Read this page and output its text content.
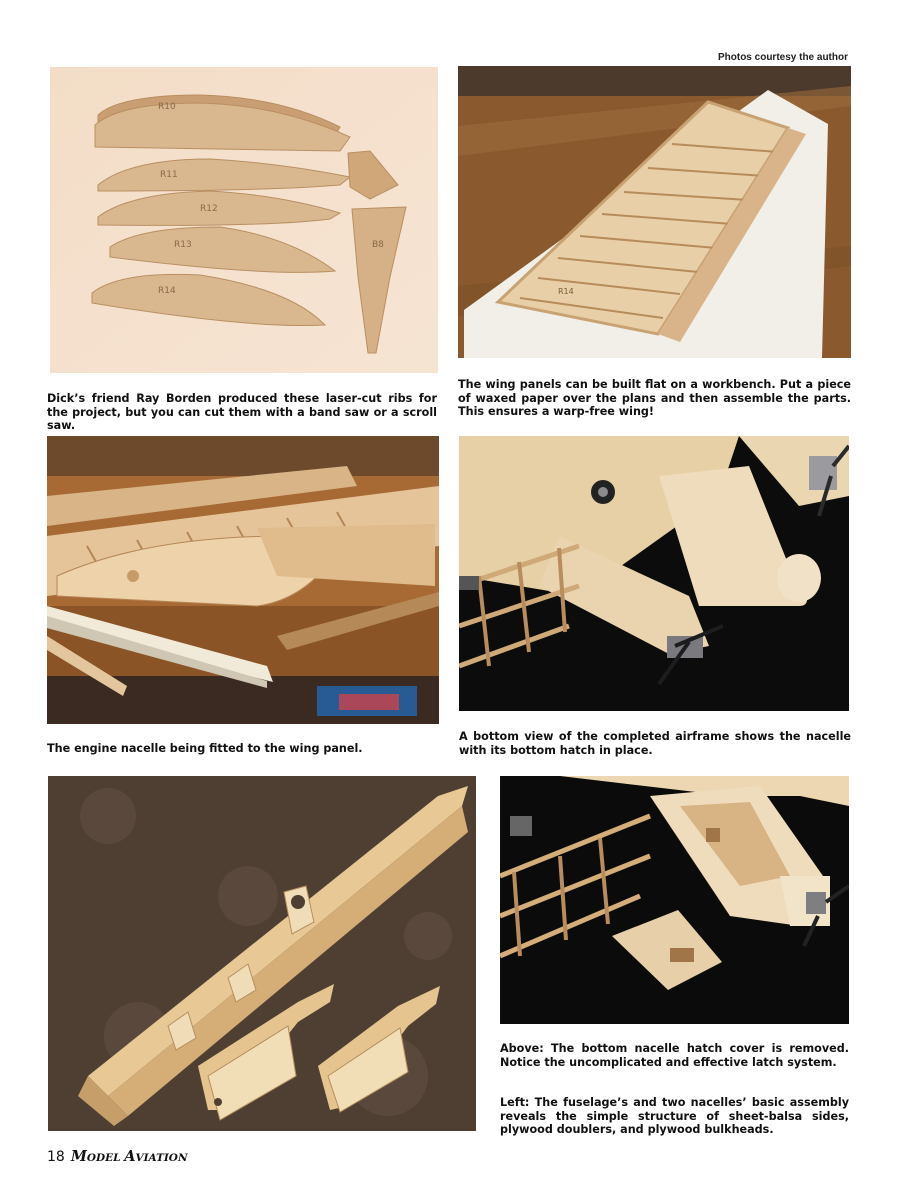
Photos courtesy the author
R10
R11
R12
R13
R14
B8
R14
Dick’s friend Ray Borden produced these laser-cut ribs for the project, but you can cut them with a band saw or a scroll saw.
The wing panels can be built flat on a workbench. Put a piece of waxed paper over the plans and then assemble the parts. This ensures a warp-free wing!
The engine nacelle being fitted to the wing panel.
A bottom view of the completed airframe shows the nacelle with its bottom hatch in place.
Above: The bottom nacelle hatch cover is removed. Notice the uncomplicated and effective latch system.
Left: The fuselage’s and two nacelles’ basic assembly reveals the simple structure of sheet-balsa sides, plywood doublers, and plywood bulkheads.
18 MODEL AVIATION
